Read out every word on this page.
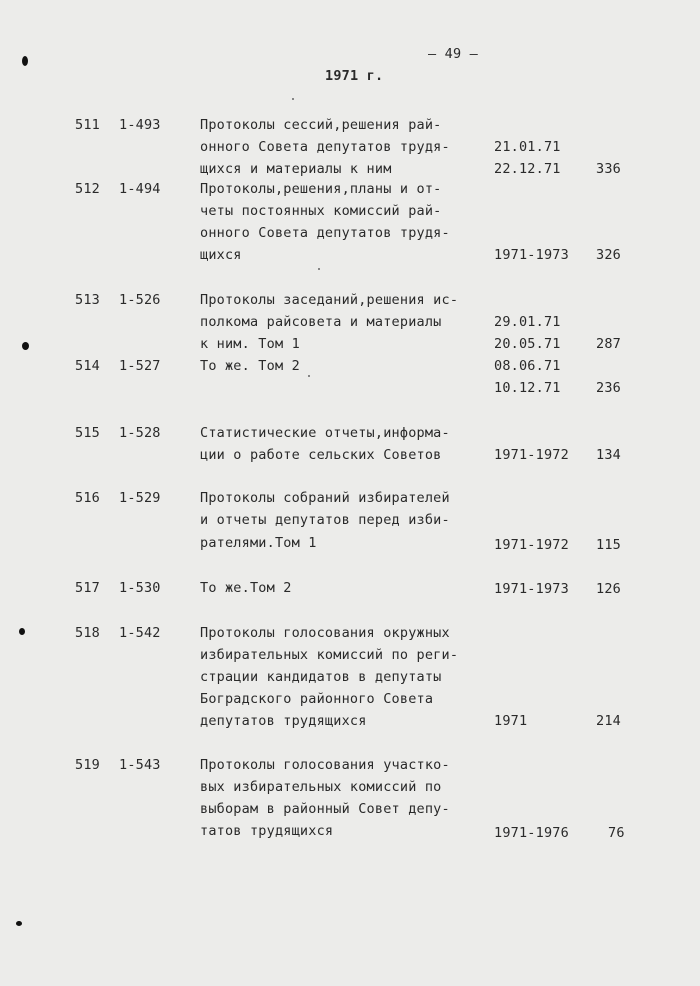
– 49 –
1971 г.
511 1-493	Протоколы сессий,решения рай-
онного Совета депутатов трудя-
щихся и материалы к ним
21.01.71
22.12.71	336
512 1-494	Протоколы,решения,планы и от-
четы постоянных комиссий рай-
онного Совета депутатов трудя-
щихся	1971-1973 326
513 1-526	Протоколы заседаний,решения ис-
полкома райсовета и материалы
к ним. Том 1
29.01.71
20.05.71	287
514 1-527	То же. Том 2	08.06.71
10.12.71	236
515 1-528	Статистические отчеты,информа-
ции о работе сельских Советов	1971-1972 134
516 1-529	Протоколы собраний избирателей
и отчеты депутатов перед изби-
рателями.Том 1	1971-1972 115
517 1-530	То же.Том 2	1971-1973 126
518 1-542	Протоколы голосования окружных
избирательных комиссий по реги-
страции кандидатов в депутаты
Боградского районного Совета
депутатов трудящихся	1971	214
519 1-543	Протоколы голосования участко-
вых избирательных комиссий по
выборам в районный Совет депу-
татов трудящихся	1971-1976	76
